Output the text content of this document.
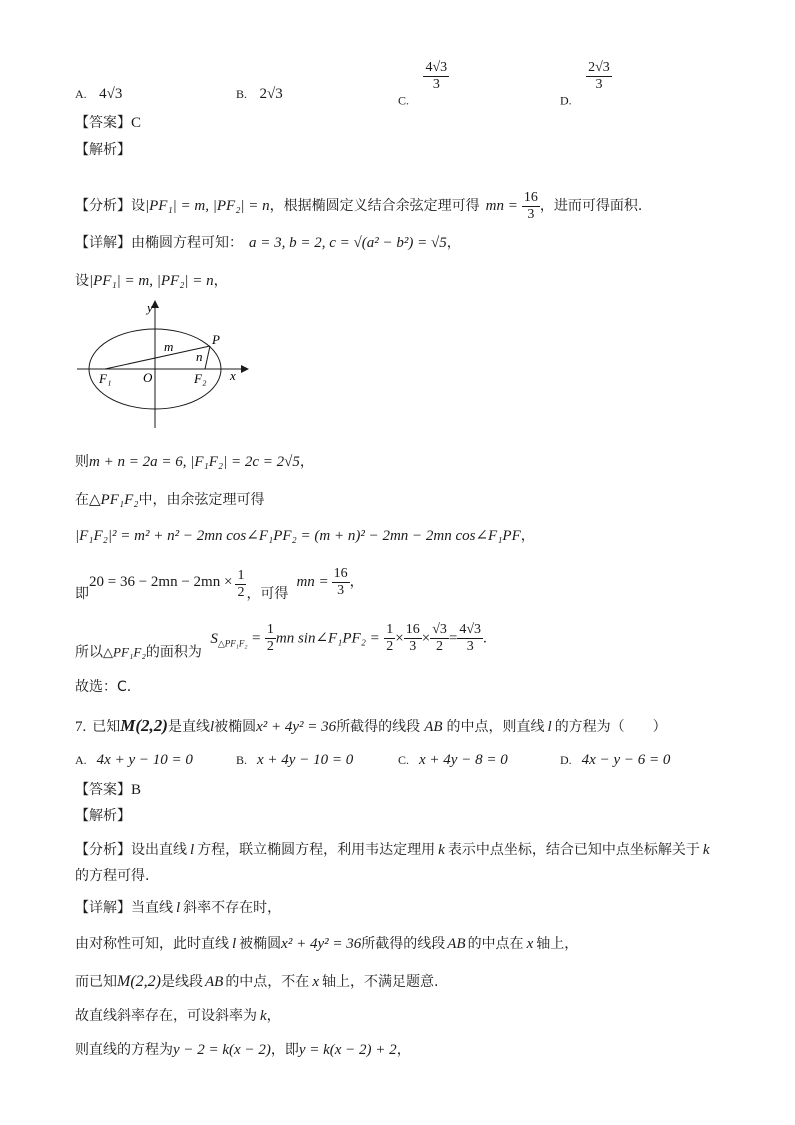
A. 4√3	B. 2√3	C.
$\frac{4√3}{3}$
D.
$\frac{2√3}{3}$
【答案】C
【解析】
【分析】设|PF₁| = m, |PF₂| = n，根据椭圆定义结合余弦定理可得 mn = $\frac{16}{3}$ ，进而可得面积.
【详解】由椭圆方程可知： a = 3, b = 2, c = √(a² − b²) = √5，
设|PF₁| = m, |PF₂| = n，
y
x
O
F₁	F₂
P
m
n
则m + n = 2a = 6, |F₁F₂| = 2c = 2√5，
在△PF₁F₂中，由余弦定理可得
|F₁F₂|² = m² + n² − 2mn cos∠F₁PF₂ = (m + n)² − 2mn − 2mn cos∠F₁PF，
即$20 = 36 - 2mn - 2mn \times \frac{1}{2}$ ，可得mn = $\frac{16}{3}$ ，
所以△PF₁F₂的面积为 $S_{\triangle PF_1F_2} = \frac{1}{2}$ mn sin∠F₁PF₂ = $\frac{1}{2} \times \frac{16}{3} \times \frac{√3}{2} = \frac{4√3}{3}$ .
故选：C.
7. 已知M(2,2)是直线l被椭圆x² + 4y² = 36所截得的线段 AB 的中点，则直线 l 的方程为（　　）
A. 4x + y − 10 = 0	B. x + 4y − 10 = 0	C. x + 4y − 8 = 0	D. 4x − y − 6 = 0
【答案】B
【解析】
【分析】设出直线 l 方程，联立椭圆方程，利用韦达定理用 k 表示中点坐标，结合已知中点坐标解关于 k
的方程可得.
【详解】当直线 l 斜率不存在时，
由对称性可知，此时直线 l 被椭圆x² + 4y² = 36所截得的线段 AB 的中点在 x 轴上，
而已知M(2,2)是线段 AB 的中点，不在 x 轴上，不满足题意.
故直线斜率存在，可设斜率为 k，
则直线的方程为y − 2 = k(x − 2)，即y = k(x − 2) + 2，
